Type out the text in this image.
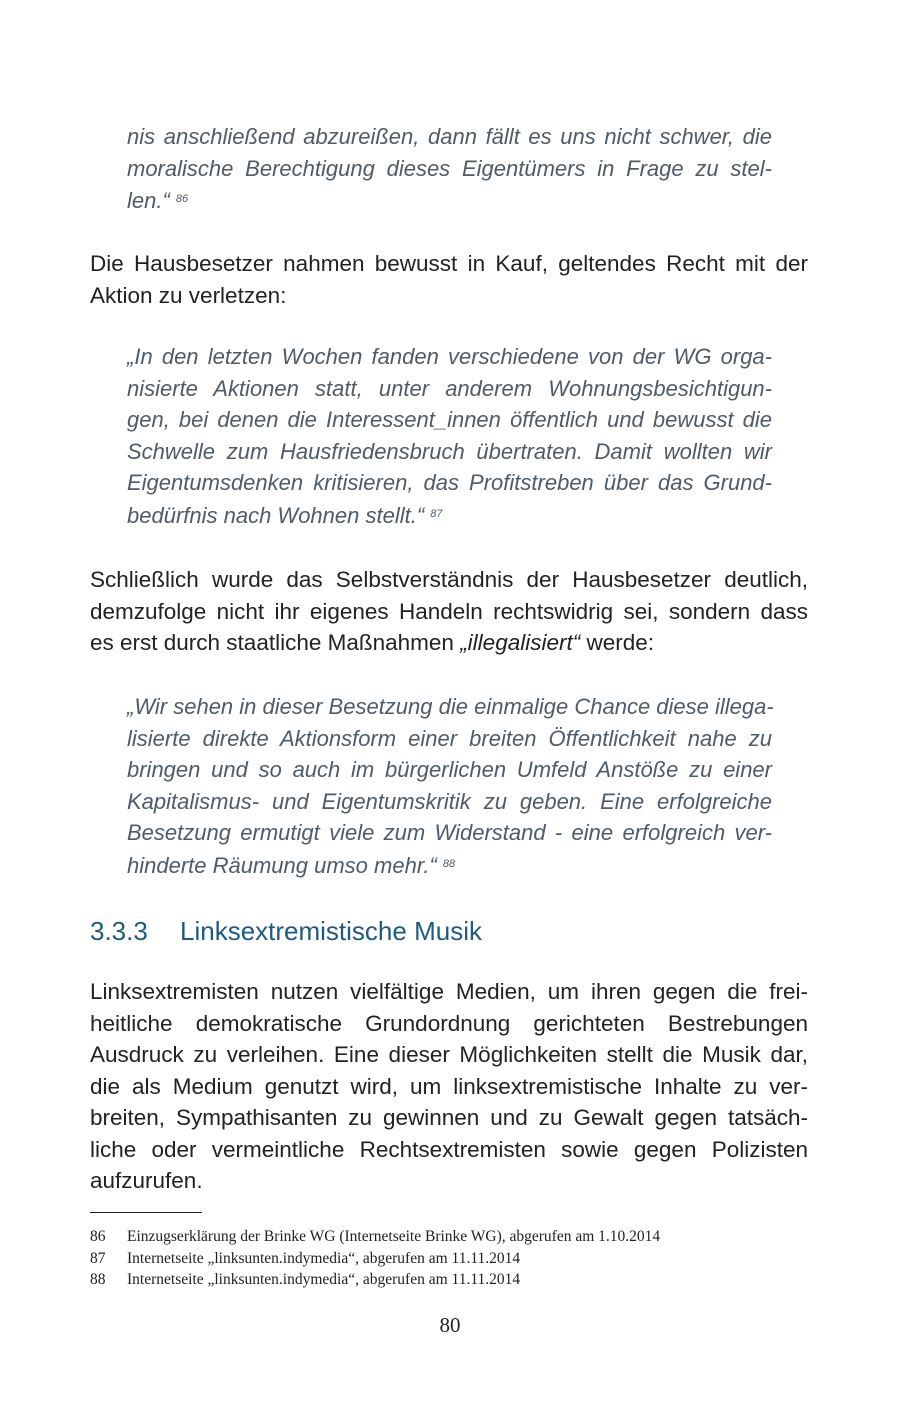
nis anschließend abzureißen, dann fällt es uns nicht schwer, die
moralische Berechtigung dieses Eigentümers in Frage zu stel-
len.“ $^{86}$
Die Hausbesetzer nahmen bewusst in Kauf, geltendes Recht mit der
Aktion zu verletzen:
„In den letzten Wochen fanden verschiedene von der WG orga-
nisierte Aktionen statt, unter anderem Wohnungsbesichtigun-
gen, bei denen die Interessent_innen öffentlich und bewusst die
Schwelle zum Hausfriedensbruch übertraten. Damit wollten wir
Eigentumsdenken kritisieren, das Profitstreben über das Grund-
bedürfnis nach Wohnen stellt.“ $^{87}$
Schließlich wurde das Selbstverständnis der Hausbesetzer deutlich,
demzufolge nicht ihr eigenes Handeln rechtswidrig sei, sondern dass
es erst durch staatliche Maßnahmen „illegalisiert“ werde:
„Wir sehen in dieser Besetzung die einmalige Chance diese illega-
lisierte direkte Aktionsform einer breiten Öffentlichkeit nahe zu
bringen und so auch im bürgerlichen Umfeld Anstöße zu einer
Kapitalismus- und Eigentumskritik zu geben. Eine erfolgreiche
Besetzung ermutigt viele zum Widerstand - eine erfolgreich ver-
hinderte Räumung umso mehr.“ $^{88}$
3.3.3 Linksextremistische Musik
Linksextremisten nutzen vielfältige Medien, um ihren gegen die frei-
heitliche demokratische Grundordnung gerichteten Bestrebungen
Ausdruck zu verleihen. Eine dieser Möglichkeiten stellt die Musik dar,
die als Medium genutzt wird, um linksextremistische Inhalte zu ver-
breiten, Sympathisanten zu gewinnen und zu Gewalt gegen tatsäch-
liche oder vermeintliche Rechtsextremisten sowie gegen Polizisten
aufzurufen.
86 Einzugserklärung der Brinke WG (Internetseite Brinke WG), abgerufen am 1.10.2014
87 Internetseite „linksunten.indymedia“, abgerufen am 11.11.2014
88 Internetseite „linksunten.indymedia“, abgerufen am 11.11.2014
80
